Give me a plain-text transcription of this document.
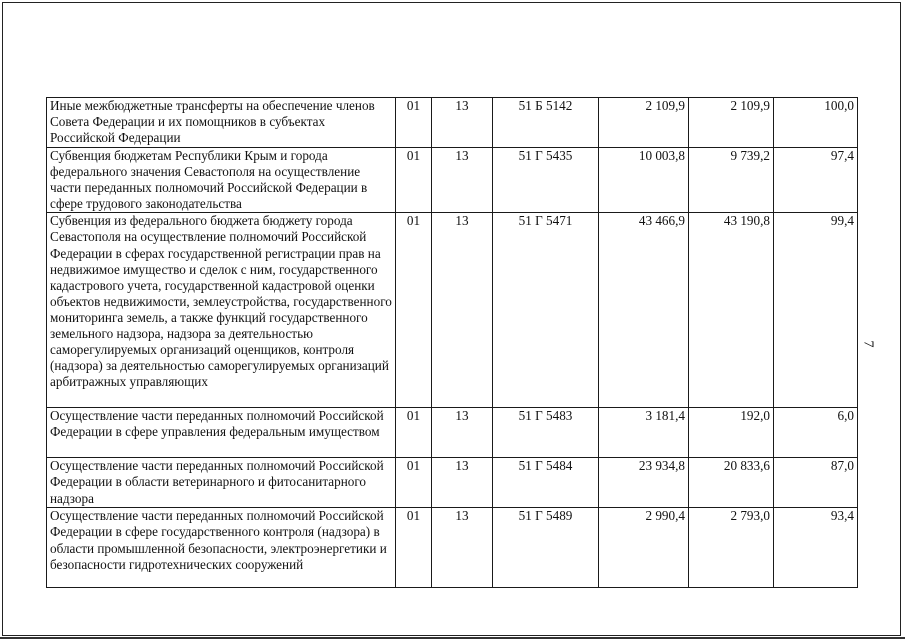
Иные межбюджетные трансферты на обеспечение членов Совета Федерации и их помощников в субъектах Российской Федерации	01	13	51 Б 5142	2 109,9	2 109,9	100,0
Субвенция бюджетам Республики Крым и города федерального значения Севастополя на осуществление части переданных полномочий Российской Федерации в сфере трудового законодательства	01	13	51 Г 5435	10 003,8	9 739,2	97,4
Субвенция из федерального бюджета бюджету города Севастополя на осуществление полномочий Российской Федерации в сферах государственной регистрации прав на недвижимое имущество и сделок с ним, государственного кадастрового учета, государственной кадастровой оценки объектов недвижимости, землеустройства, государственного мониторинга земель, а также функций государственного земельного надзора, надзора за деятельностью саморегулируемых организаций оценщиков, контроля (надзора) за деятельностью саморегулируемых организаций арбитражных управляющих	01	13	51 Г 5471	43 466,9	43 190,8	99,4
Осуществление части переданных полномочий Российской Федерации в сфере управления федеральным имуществом	01	13	51 Г 5483	3 181,4	192,0	6,0
Осуществление части переданных полномочий Российской Федерации в области ветеринарного и фитосанитарного надзора	01	13	51 Г 5484	23 934,8	20 833,6	87,0
Осуществление части переданных полномочий Российской Федерации в сфере государственного контроля (надзора) в области промышленной безопасности, электроэнергетики и безопасности гидротехнических сооружений	01	13	51 Г 5489	2 990,4	2 793,0	93,4
7
